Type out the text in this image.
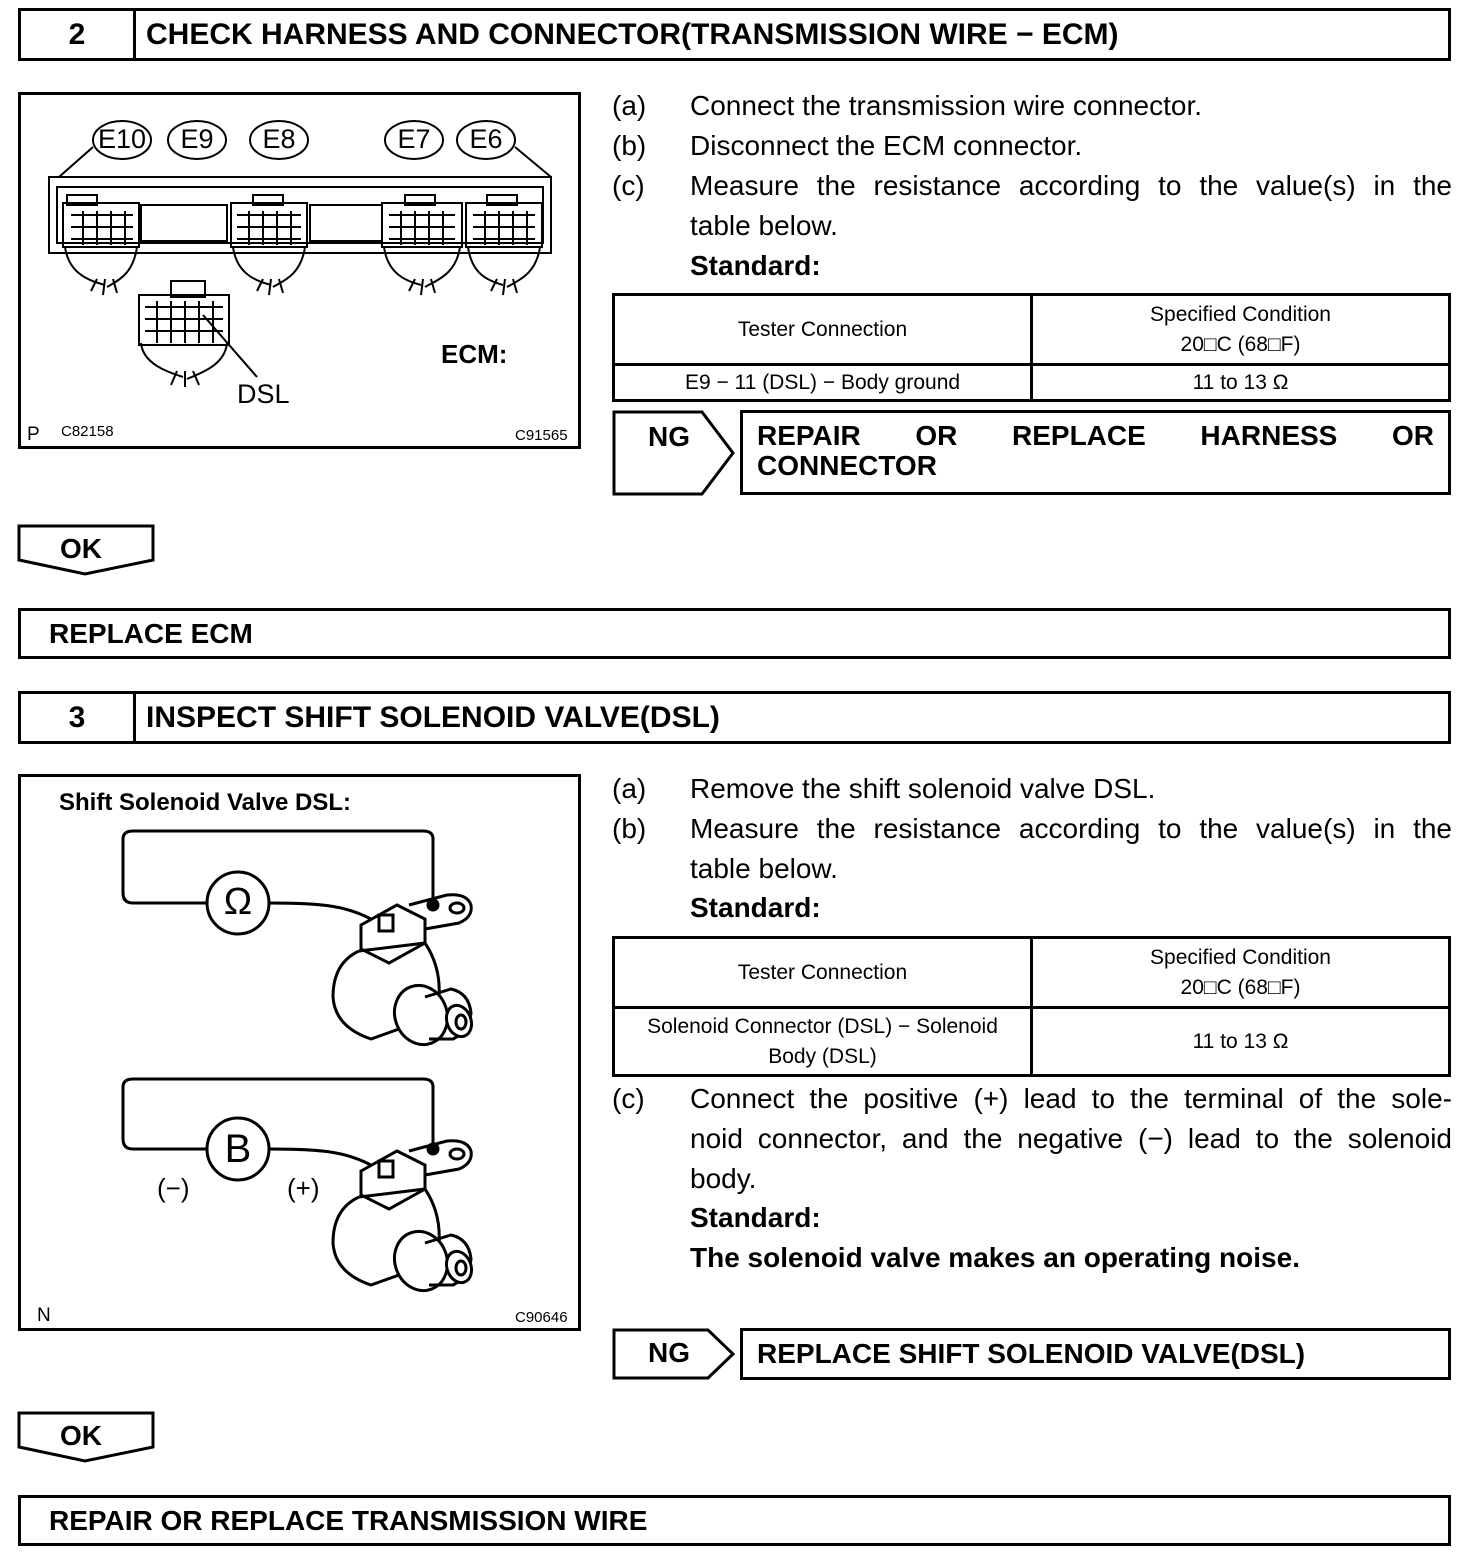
2	CHECK HARNESS AND CONNECTOR(TRANSMISSION WIRE − ECM)
E10	E9	E8	E7	E6
ECM:
DSL
P C82158	C91565
(a) Connect the transmission wire connector.
(b) Disconnect the ECM connector.
(c) Measure the resistance according to the value(s) in the
table below.
Standard:
Tester Connection	Specified Condition
20□C (68□F)

E9 − 11 (DSL) − Body ground	11 to 13 Ω
NG REPAIR OR REPLACE HARNESS OR
CONNECTOR
OK
REPLACE ECM
3	INSPECT SHIFT SOLENOID VALVE(DSL)
Shift Solenoid Valve DSL:
Ω
B
(−)	(+)
N	C90646
(a) Remove the shift solenoid valve DSL.
(b) Measure the resistance according to the value(s) in the
table below.
Standard:
Tester Connection	Specified Condition
20□C (68□F)

Solenoid Connector (DSL) − Solenoid
Body (DSL)	11 to 13 Ω
(c) Connect the positive (+) lead to the terminal of the sole-
noid connector, and the negative (−) lead to the solenoid
body.
Standard:
The solenoid valve makes an operating noise.
NG	REPLACE SHIFT SOLENOID VALVE(DSL)
OK
REPAIR OR REPLACE TRANSMISSION WIRE
